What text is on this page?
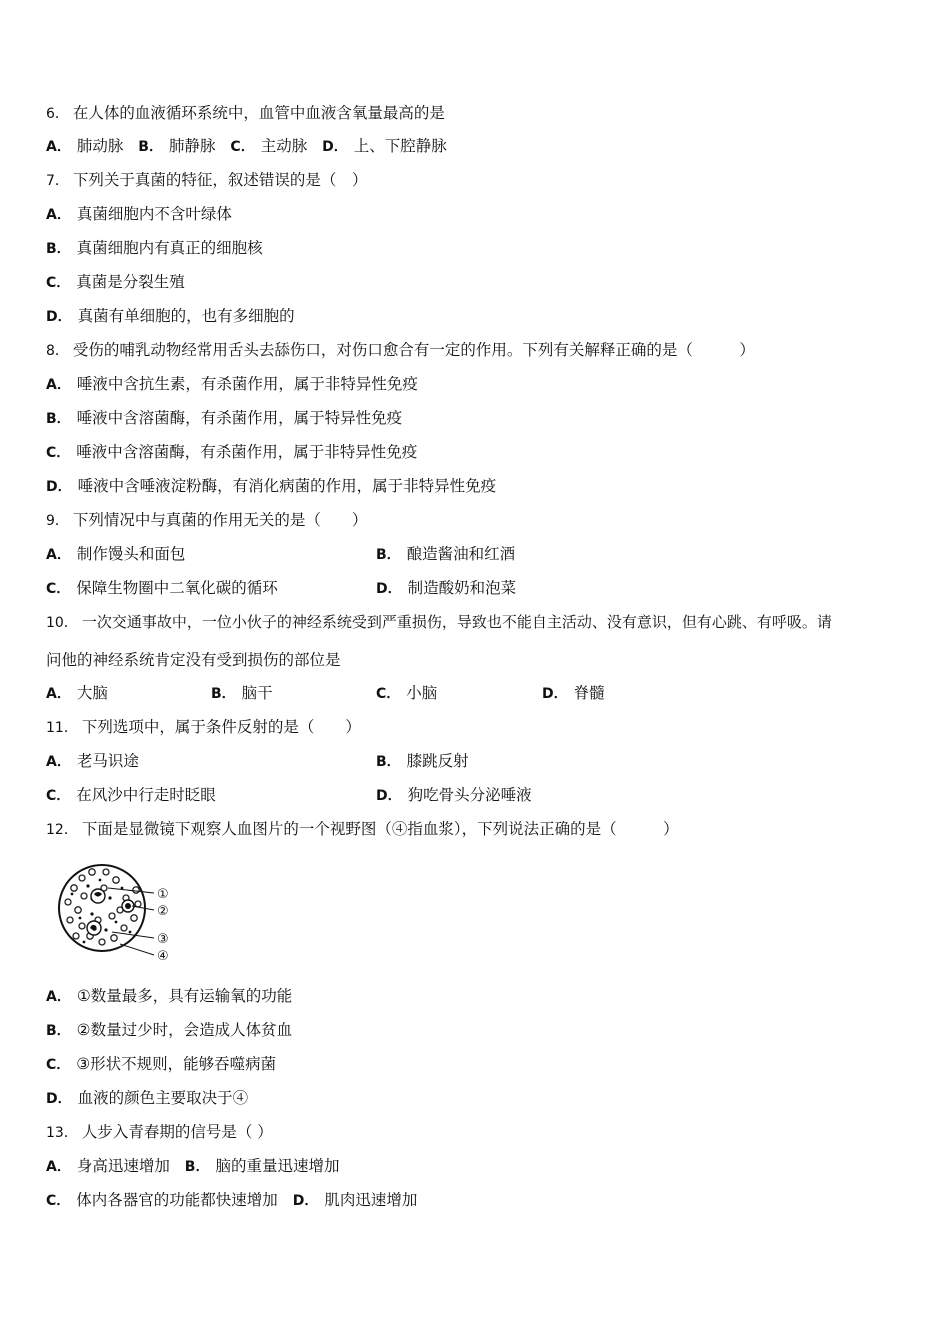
6． 在人体的血液循环系统中，血管中血液含氧量最高的是
A． 肺动脉 B． 肺静脉 C． 主动脉 D． 上、下腔静脉
7． 下列关于真菌的特征，叙述错误的是（　）
A． 真菌细胞内不含叶绿体
B． 真菌细胞内有真正的细胞核
C． 真菌是分裂生殖
D． 真菌有单细胞的，也有多细胞的
8． 受伤的哺乳动物经常用舌头去舔伤口，对伤口愈合有一定的作用。下列有关解释正确的是（　　　）
A． 唾液中含抗生素，有杀菌作用，属于非特异性免疫
B． 唾液中含溶菌酶，有杀菌作用，属于特异性免疫
C． 唾液中含溶菌酶，有杀菌作用，属于非特异性免疫
D． 唾液中含唾液淀粉酶，有消化病菌的作用，属于非特异性免疫
9． 下列情况中与真菌的作用无关的是（　　）
A． 制作馒头和面包	B． 酿造酱油和红酒
C． 保障生物圈中二氧化碳的循环	D． 制造酸奶和泡菜
10． 一次交通事故中，一位小伙子的神经系统受到严重损伤，导致也不能自主活动、没有意识，但有心跳、有呼吸。请
问他的神经系统肯定没有受到损伤的部位是
A． 大脑	B． 脑干	C． 小脑	D． 脊髓
11． 下列选项中，属于条件反射的是（　　）
A． 老马识途	B． 膝跳反射
C． 在风沙中行走时眨眼	D． 狗吃骨头分泌唾液
12． 下面是显微镜下观察人血图片的一个视野图（④指血浆），下列说法正确的是（　　　）
①
②
③
④
A． ①数量最多，具有运输氧的功能
B． ②数量过少时，会造成人体贫血
C． ③形状不规则，能够吞噬病菌
D． 血液的颜色主要取决于④
13． 人步入青春期的信号是（ ）
A． 身高迅速增加 B． 脑的重量迅速增加
C． 体内各器官的功能都快速增加 D． 肌肉迅速增加
